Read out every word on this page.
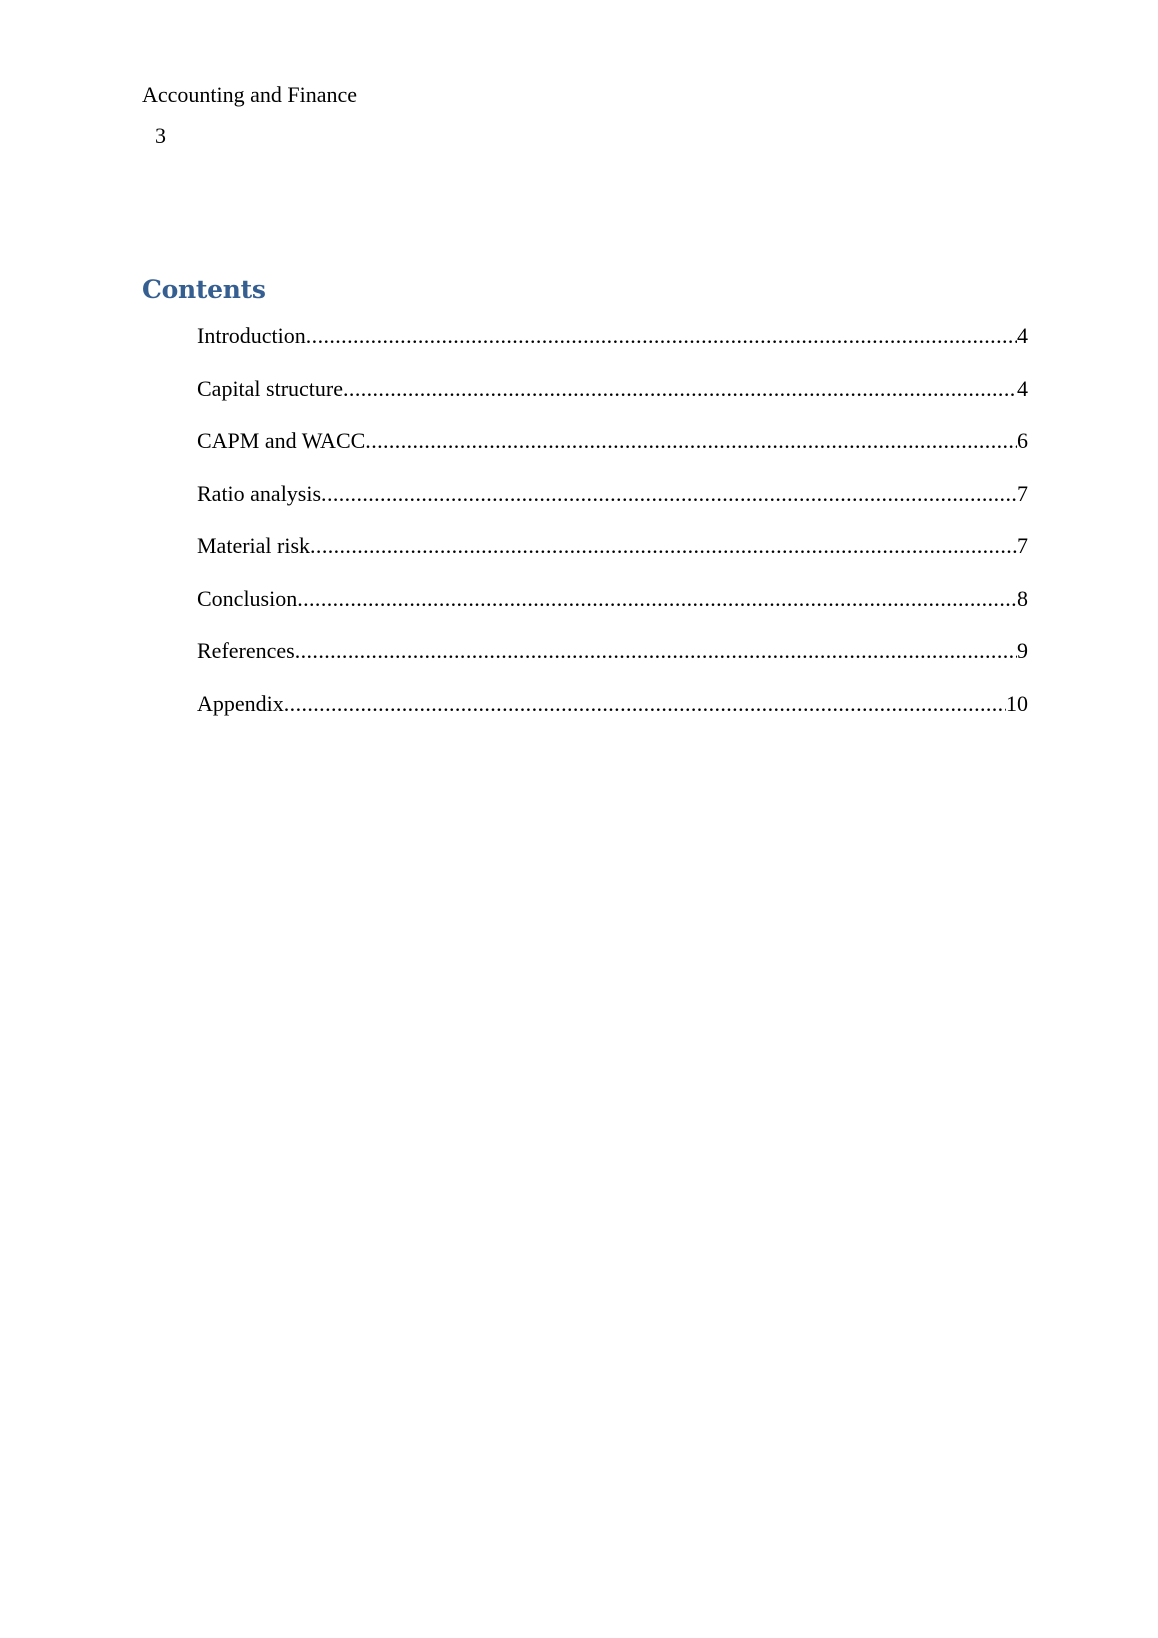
Accounting and Finance
3
Contents
Introduction .....	4
Capital structure .....	4
CAPM and WACC .....	6
Ratio analysis .....	7
Material risk .....	7
Conclusion .....	8
References .....	9
Appendix .....	10
